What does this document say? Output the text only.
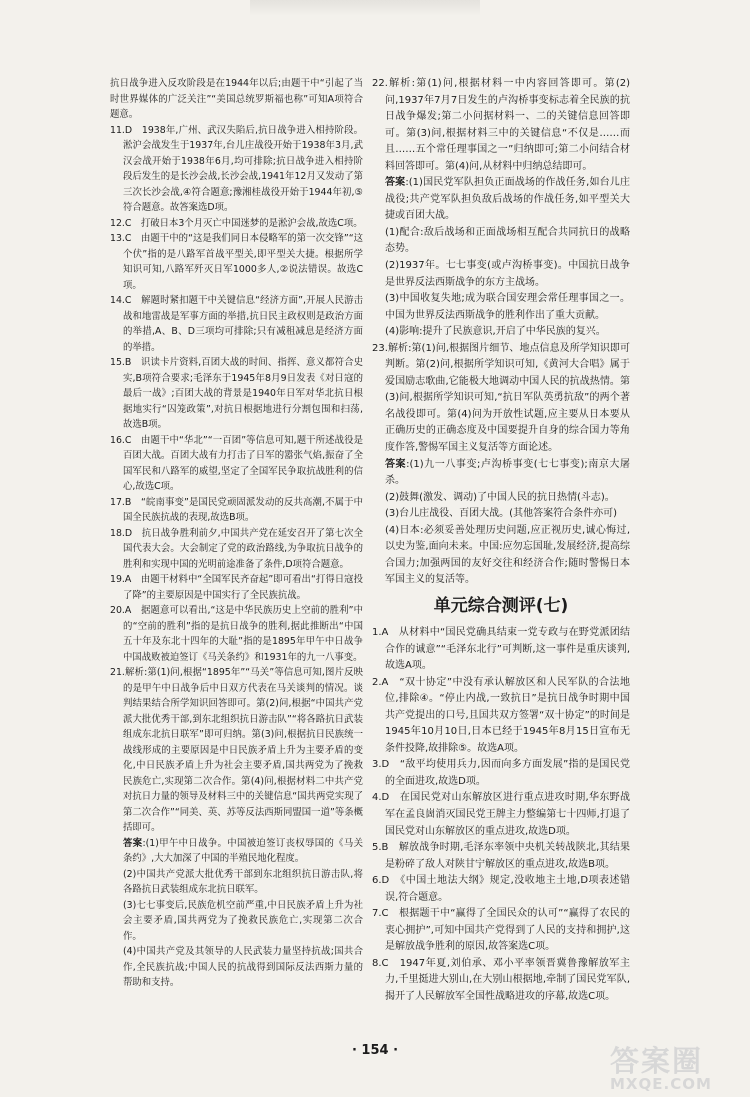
抗日战争进入反攻阶段是在1944年以后;由题干中“引起了当时世界媒体的广泛关注”“美国总统罗斯福也称”可知A项符合题意。

11.D　1938年,广州、武汉失陷后,抗日战争进入相持阶段。淞沪会战发生于1937年,台儿庄战役开始于1938年3月,武汉会战开始于1938年6月,均可排除;抗日战争进入相持阶段后发生的是长沙会战,长沙会战,1941年12月又发动了第三次长沙会战,④符合题意;豫湘桂战役开始于1944年初,⑤符合题意。故答案选D项。

12.C　打破日本3个月灭亡中国迷梦的是淞沪会战,故选C项。

13.C　由题干中的“这是我们同日本侵略军的第一次交锋”“这个伏”指的是八路军首战平型关,即平型关大捷。根据所学知识可知,八路军歼灭日军1000多人,②说法错误。故选C项。

14.C　解题时紧扣题干中关键信息“经济方面”,开展人民游击战和地雷战是军事方面的举措,抗日民主政权则是政治方面的举措,A、B、D三项均可排除;只有减租减息是经济方面的举措。

15.B　识读卡片资料,百团大战的时间、指挥、意义都符合史实,B项符合要求;毛泽东于1945年8月9日发表《对日寇的最后一战》;百团大战的背景是1940年日军对华北抗日根据地实行“囚笼政策”,对抗日根据地进行分割包围和扫荡,故选B项。

16.C　由题干中“华北”“一百团”等信息可知,题干所述战役是百团大战。百团大战有力打击了日军的嚣张气焰,振奋了全国军民和八路军的威望,坚定了全国军民争取抗战胜利的信心,故选C项。

17.B　“皖南事变”是国民党顽固派发动的反共高潮,不属于中国全民族抗战的表现,故选B项。

18.D　抗日战争胜利前夕,中国共产党在延安召开了第七次全国代表大会。大会制定了党的政治路线,为争取抗日战争的胜利和实现中国的光明前途准备了条件,D项符合题意。

19.A　由题干材料中“全国军民齐奋起”即可看出“打得日寇投了降”的主要原因是中国实行了全民族抗战。

20.A　据题意可以看出,“这是中华民族历史上空前的胜利”中的“空前的胜利”指的是抗日战争的胜利,据此推断出“中国五十年及东北十四年的大耻”指的是1895年甲午中日战争中国战败被迫签订《马关条约》和1931年的九一八事变。

21.解析:第(1)问,根据“1895年”“马关”等信息可知,图片反映的是甲午中日战争后中日双方代表在马关谈判的情况。谈判结果结合所学知识回答即可。第(2)问,根据“中国共产党派大批优秀干部,到东北组织抗日游击队”“将各路抗日武装组成东北抗日联军”即可归纳。第(3)问,根据抗日民族统一战线形成的主要原因是中日民族矛盾上升为主要矛盾的变化,中日民族矛盾上升为社会主要矛盾,国共两党为了挽救民族危亡,实现第二次合作。第(4)问,根据材料二中共产党对抗日力量的领导及材料三中的关键信息“国共两党实现了第二次合作”“同美、英、苏等反法西斯同盟国一道”等条概括即可。

答案:(1)甲午中日战争。中国被迫签订丧权辱国的《马关条约》,大大加深了中国的半殖民地化程度。

(2)中国共产党派大批优秀干部到东北组织抗日游击队,将各路抗日武装组成东北抗日联军。

(3)七七事变后,民族危机空前严重,中日民族矛盾上升为社会主要矛盾,国共两党为了挽救民族危亡,实现第二次合作。

(4)中国共产党及其领导的人民武装力量坚持抗战;国共合作,全民族抗战;中国人民的抗战得到国际反法西斯力量的帮助和支持。

22.解析:第(1)问,根据材料一中内容回答即可。第(2)问,1937年7月7日发生的卢沟桥事变标志着全民族的抗日战争爆发;第二小问据材料一、二的关键信息回答即可。第(3)问,根据材料三中的关键信息“不仅是……而且……五个常任理事国之一”归纳即可;第二小问结合材料回答即可。第(4)问,从材料中归纳总结即可。

答案:(1)国民党军队担负正面战场的作战任务,如台儿庄战役;共产党军队担负敌后战场的作战任务,如平型关大捷或百团大战。

(1)配合:敌后战场和正面战场相互配合共同抗日的战略态势。

(2)1937年。七七事变(或卢沟桥事变)。中国抗日战争是世界反法西斯战争的东方主战场。

(3)中国收复失地;成为联合国安理会常任理事国之一。中国为世界反法西斯战争的胜利作出了重大贡献。

(4)影响:提升了民族意识,开启了中华民族的复兴。

23.解析:第(1)问,根据图片细节、地点信息及所学知识即可判断。第(2)问,根据所学知识可知,《黄河大合唱》属于爱国励志歌曲,它能极大地调动中国人民的抗战热情。第(3)问,根据所学知识可知,“抗日军队英勇抗敌”的两个著名战役即可。第(4)问为开放性试题,应主要从日本要从正确历史的正确态度及中国要提升自身的综合国力等角度作答,警惕军国主义复活等方面论述。

答案:(1)九一八事变;卢沟桥事变(七七事变);南京大屠杀。

(2)鼓舞(激发、调动)了中国人民的抗日热情(斗志)。

(3)台儿庄战役、百团大战。(其他答案符合条件亦可)

(4)日本:必须妥善处理历史问题,应正视历史,诚心悔过,以史为鉴,面向未来。中国:应勿忘国耻,发展经济,提高综合国力;加强两国的友好交往和经济合作;随时警惕日本军国主义的复活等。

单元综合测评(七)

1.A　从材料中“国民党确具结束一党专政与在野党派团结合作的诚意”“毛泽东北行”可判断,这一事件是重庆谈判,故选A项。

2.A　“双十协定”中没有承认解放区和人民军队的合法地位,排除④。“停止内战,一致抗日”是抗日战争时期中国共产党提出的口号,且国共双方签署“双十协定”的时间是1945年10月10日,日本已经于1945年8月15日宣布无条件投降,故排除⑤。故选A项。

3.D　“敌平均使用兵力,因而向多方面发展”指的是国民党的全面进攻,故选D项。

4.D　在国民党对山东解放区进行重点进攻时期,华东野战军在孟良崮消灭国民党王牌主力整编第七十四师,打退了国民党对山东解放区的重点进攻,故选D项。

5.B　解放战争时期,毛泽东率领中央机关转战陕北,其结果是粉碎了敌人对陕甘宁解放区的重点进攻,故选B项。

6.D　《中国土地法大纲》规定,没收地主土地,D项表述错误,符合题意。

7.C　根据题干中“赢得了全国民众的认可”“赢得了农民的衷心拥护”,可知中国共产党得到了人民的支持和拥护,这是解放战争胜利的原因,故答案选C项。

8.C　1947年夏,刘伯承、邓小平率领晋冀鲁豫解放军主力,千里挺进大别山,在大别山根据地,牵制了国民党军队,揭开了人民解放军全国性战略进攻的序幕,故选C项。

· 154 ·	答案圈
MXQE.COM
